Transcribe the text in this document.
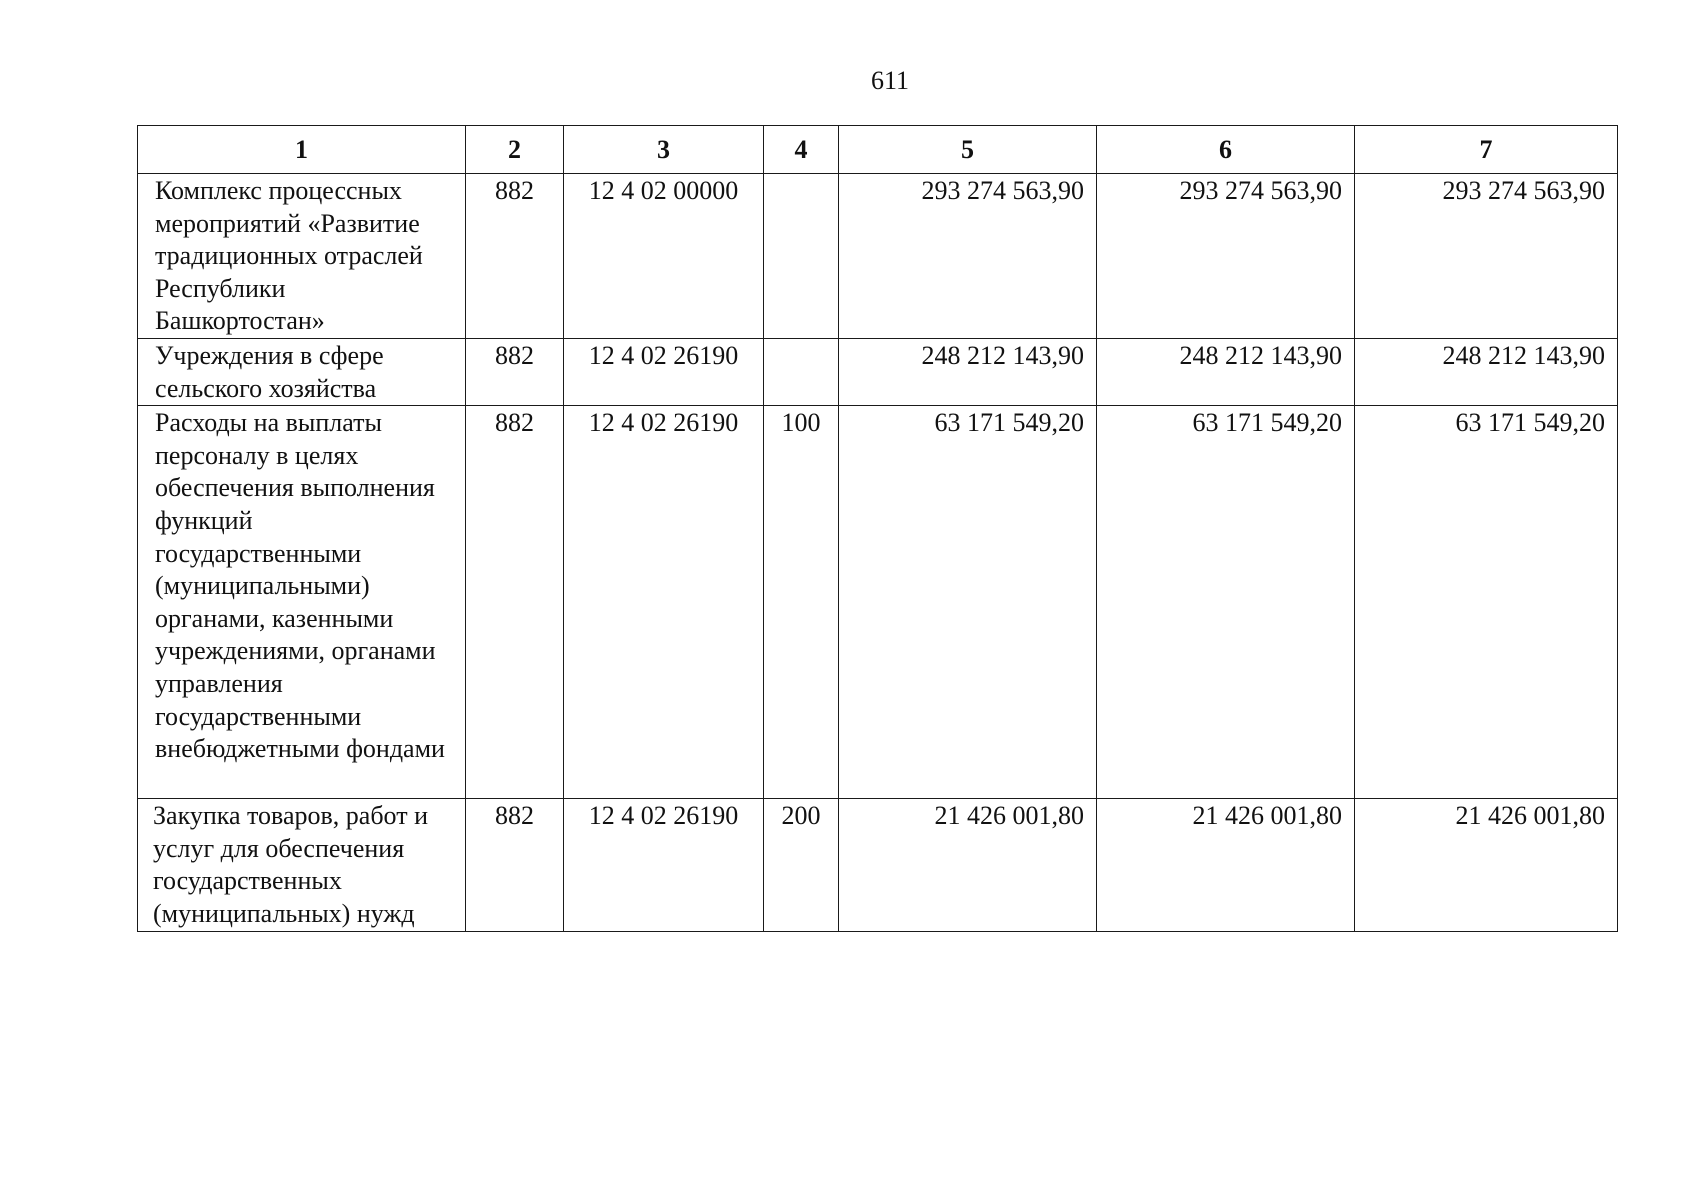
611
1	2	3	4	5	6	7
Комплекс процессных мероприятий «Развитие традиционных отраслей Республики Башкортостан»	882	12 4 02 00000		293 274 563,90	293 274 563,90	293 274 563,90
Учреждения в сфере сельского хозяйства	882	12 4 02 26190		248 212 143,90	248 212 143,90	248 212 143,90
Расходы на выплаты персоналу в целях обеспечения выполнения функций государственными (муниципальными) органами, казенными учреждениями, органами управления государственными внебюджетными фондами	882	12 4 02 26190	100	63 171 549,20	63 171 549,20	63 171 549,20
Закупка товаров, работ и услуг для обеспечения государственных (муниципальных) нужд	882	12 4 02 26190	200	21 426 001,80	21 426 001,80	21 426 001,80
